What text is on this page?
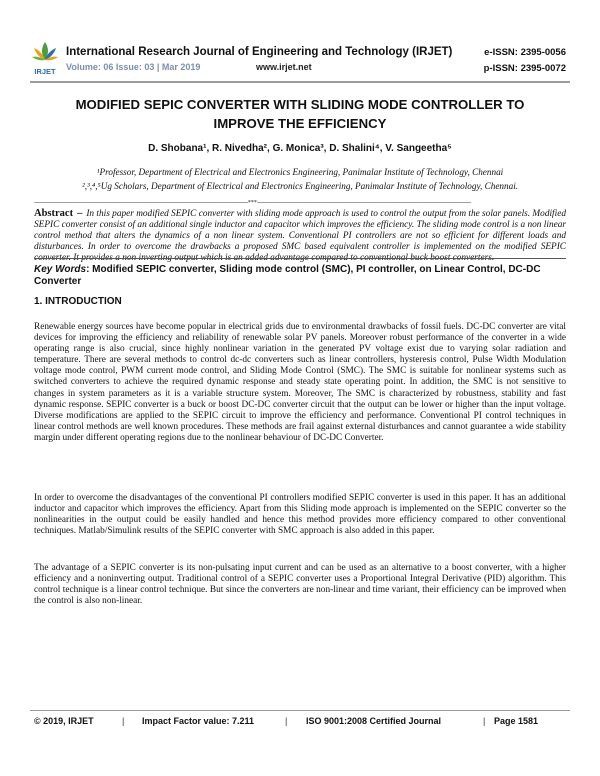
IRJET
International Research Journal of Engineering and Technology (IRJET)
Volume: 06 Issue: 03 | Mar 2019	www.irjet.net
e-ISSN: 2395-0056
p-ISSN: 2395-0072
MODIFIED SEPIC CONVERTER WITH SLIDING MODE CONTROLLER TO
IMPROVE THE EFFICIENCY
D. Shobana¹, R. Nivedha², G. Monica³, D. Shalini⁴, V. Sangeetha⁵
¹Professor, Department of Electrical and Electronics Engineering, Panimalar Institute of Technology, Chennai
²,³,⁴,⁵Ug Scholars, Department of Electrical and Electronics Engineering, Panimalar Institute of Technology, Chennai.
---------------------------------------------------------------------------------------------------------------------------------------------------------***---------------------------------------------------------------------------------------------------------------------------------------------------------
Abstract – In this paper modified SEPIC converter with sliding mode approach is used to control the output from the solar panels. Modified SEPIC converter consist of an additional single inductor and capacitor which improves the efficiency. The sliding mode control is a non linear control method that alters the dynamics of a non linear system. Conventional PI controllers are not so efficient for different loads and disturbances. In order to overcome the drawbacks a proposed SMC based equivalent controller is implemented on the modified SEPIC converter. It provides a non inverting output which is an added advantage compared to conventional buck boost converters.
Key Words: Modified SEPIC converter, Sliding mode control (SMC), PI controller, on Linear Control, DC-DC Converter
1. INTRODUCTION
Renewable energy sources have become popular in electrical grids due to environmental drawbacks of fossil fuels. DC-DC converter are vital devices for improving the efficiency and reliability of renewable solar PV panels. Moreover robust performance of the converter in a wide operating range is also crucial, since highly nonlinear variation in the generated PV voltage exist due to varying solar radiation and temperature. There are several methods to control dc-dc converters such as linear controllers, hysteresis control, Pulse Width Modulation voltage mode control, PWM current mode control, and Sliding Mode Control (SMC). The SMC is suitable for nonlinear systems such as switched converters to achieve the required dynamic response and steady state operating point. In addition, the SMC is not sensitive to changes in system parameters as it is a variable structure system. Moreover, The SMC is characterized by robustness, stability and fast dynamic response. SEPIC converter is a buck or boost DC-DC converter circuit that the output can be lower or higher than the input voltage. Diverse modifications are applied to the SEPIC circuit to improve the efficiency and performance. Conventional PI control techniques in linear control methods are well known procedures. These methods are frail against external disturbances and cannot guarantee a wide stability margin under different operating regions due to the nonlinear behaviour of DC-DC Converter.
In order to overcome the disadvantages of the conventional PI controllers modified SEPIC converter is used in this paper. It has an additional inductor and capacitor which improves the efficiency. Apart from this Sliding mode approach is implemented on the SEPIC converter so the nonlinearities in the output could be easily handled and hence this method provides more efficiency compared to other conventional techniques. Matlab/Simulink results of the SEPIC converter with SMC approach is also added in this paper.
The advantage of a SEPIC converter is its non-pulsating input current and can be used as an alternative to a boost converter, with a higher efficiency and a noninverting output. Traditional control of a SEPIC converter uses a Proportional Integral Derivative (PID) algorithm. This control technique is a linear control technique. But since the converters are non-linear and time variant, their efficiency can be improved when the control is also non-linear.
© 2019, IRJET	| Impact Factor value: 7.211	| ISO 9001:2008 Certified Journal	| Page 1581
